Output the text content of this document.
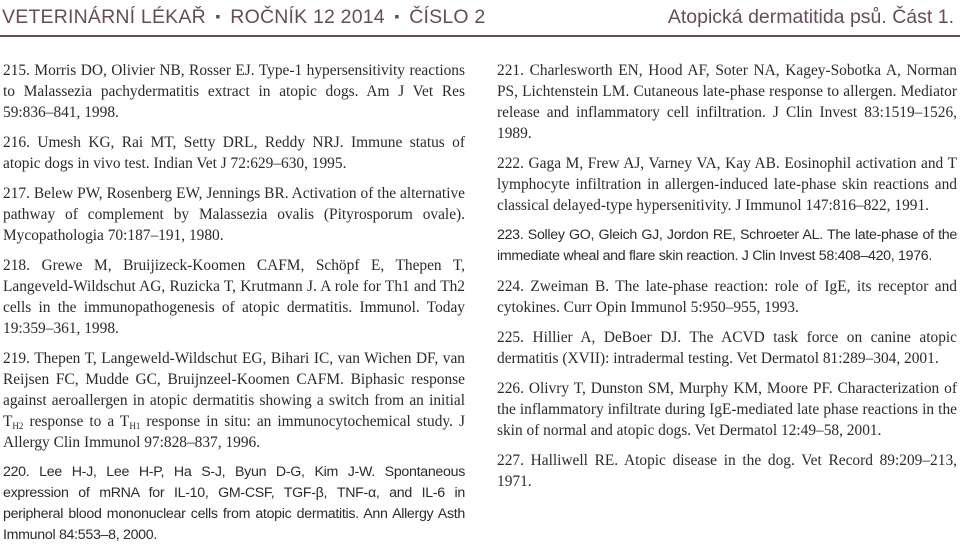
VETERINÁRNÍ LÉKAŘ ▪ ROČNÍK 12 2014 ▪ ČÍSLO 2	Atopická dermatitida psů. Část 1.

215. Morris DO, Olivier NB, Rosser EJ. Type-1 hypersensitivity reactions to Malassezia pachydermatitis extract in atopic dogs. Am J Vet Res 59:836–841, 1998.

216. Umesh KG, Rai MT, Setty DRL, Reddy NRJ. Immune status of atopic dogs in vivo test. Indian Vet J 72:629–630, 1995.

217. Belew PW, Rosenberg EW, Jennings BR. Activation of the alternative pathway of complement by Malassezia ovalis (Pityrosporum ovale). Mycopathologia 70:187–191, 1980.

218. Grewe M, Bruijizeck-Koomen CAFM, Schöpf E, Thepen T, Langeveld-Wildschut AG, Ruzicka T, Krutmann J. A role for Th1 and Th2 cells in the immunopathogenesis of atopic dermatitis. Immunol. Today 19:359–361, 1998.

219. Thepen T, Langeweld-Wildschut EG, Bihari IC, van Wichen DF, van Reijsen FC, Mudde GC, Bruijnzeel-Koomen CAFM. Biphasic response against aeroallergen in atopic dermatitis showing a switch from an initial $T_{H2}$ response to a $T_{H1}$ response in situ: an immunocytochemical study. J Allergy Clin Immunol 97:828–837, 1996.

220. Lee H-J, Lee H-P, Ha S-J, Byun D-G, Kim J-W. Spontaneous expression of mRNA for IL-10, GM-CSF, TGF-β, TNF-α, and IL-6 in peripheral blood mononuclear cells from atopic dermatitis. Ann Allergy Asth Immunol 84:553–8, 2000.

221. Charlesworth EN, Hood AF, Soter NA, Kagey-Sobotka A, Norman PS, Lichtenstein LM. Cutaneous late-phase response to allergen. Mediator release and inflammatory cell infiltration. J Clin Invest 83:1519–1526, 1989.

222. Gaga M, Frew AJ, Varney VA, Kay AB. Eosinophil activation and T lymphocyte infiltration in allergen-induced late-phase skin reactions and classical delayed-type hypersenitivity. J Immunol 147:816–822, 1991.

223. Solley GO, Gleich GJ, Jordon RE, Schroeter AL. The late-phase of the immediate wheal and flare skin reaction. J Clin Invest 58:408–420, 1976.

224. Zweiman B. The late-phase reaction: role of IgE, its receptor and cytokines. Curr Opin Immunol 5:950–955, 1993.

225. Hillier A, DeBoer DJ. The ACVD task force on canine atopic dermatitis (XVII): intradermal testing. Vet Dermatol 81:289–304, 2001.

226. Olivry T, Dunston SM, Murphy KM, Moore PF. Characterization of the inflammatory infiltrate during IgE-mediated late phase reactions in the skin of normal and atopic dogs. Vet Dermatol 12:49–58, 2001.

227. Halliwell RE. Atopic disease in the dog. Vet Record 89:209–213, 1971.
